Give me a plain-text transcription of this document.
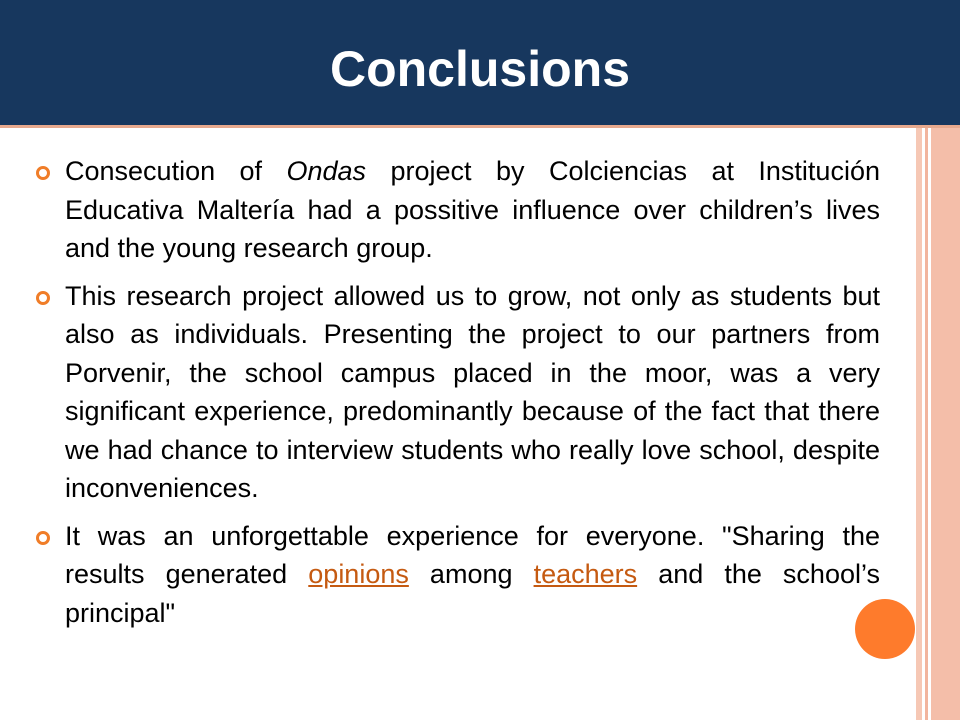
Conclusions
Consecution of Ondas project by Colciencias at Institución Educativa Maltería had a possitive influence over children’s lives and the young research group.
This research project allowed us to grow, not only as students but also as individuals. Presenting the project to our partners from Porvenir, the school campus placed in the moor, was a very significant experience, predominantly because of the fact that there we had chance to interview students who really love school, despite inconveniences.
It was an unforgettable experience for everyone. "Sharing the results generated opinions among teachers and the school’s principal"
